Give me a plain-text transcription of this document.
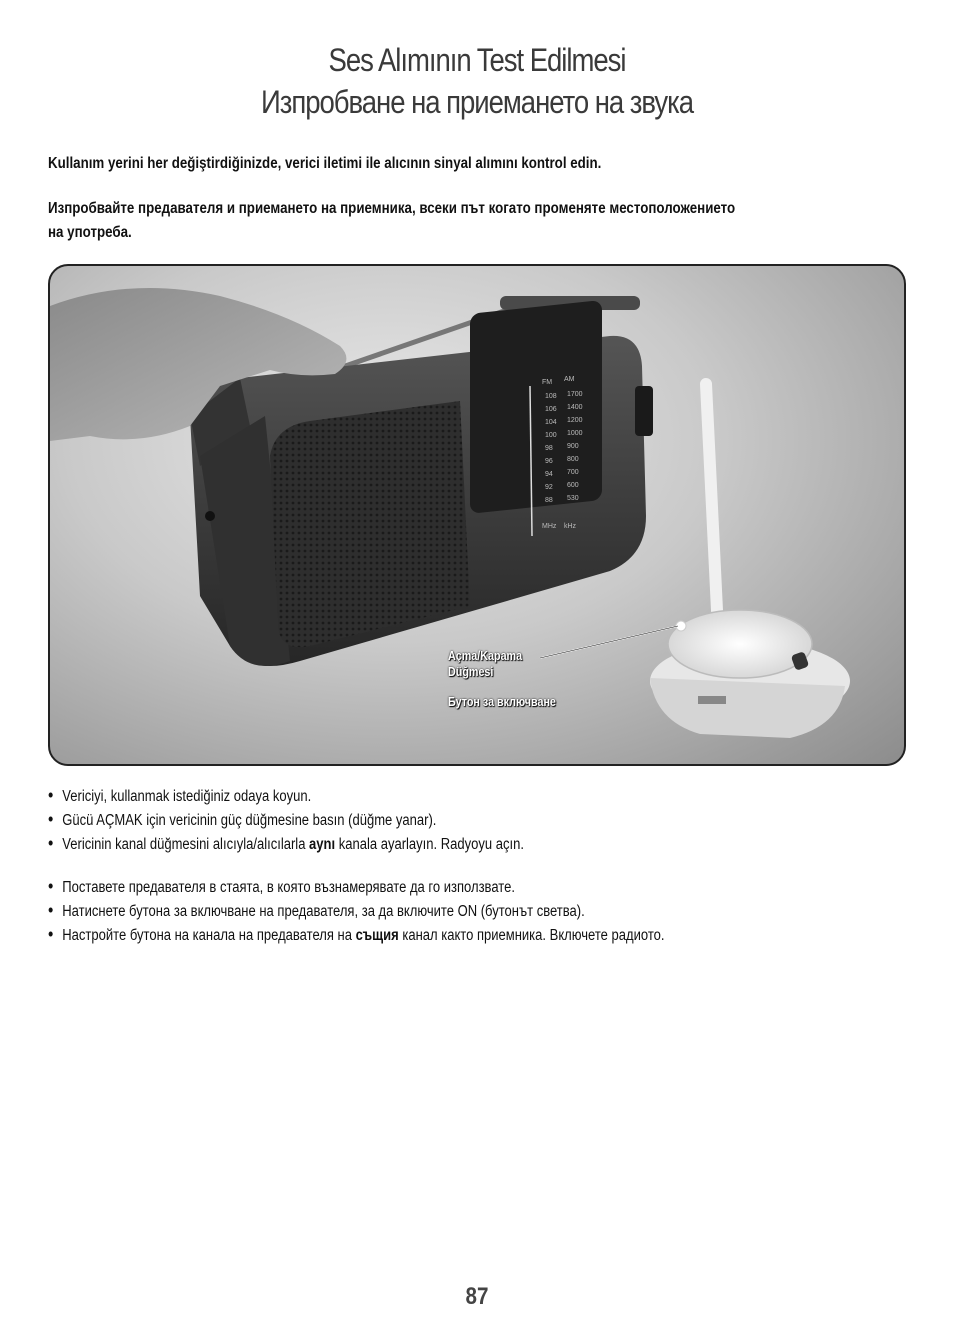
Ses Alımının Test Edilmesi
Изпробване на приемането на звука
Kullanım yerini her değiştirdiğinizde, verici iletimi ile alıcının sinyal alımını kontrol edin.
Изпробвайте предавателя и приемането на приемника, всеки път когато променяте местоположението
на употреба.
FM AM
108
106
104
100
98
96
94
92
88
1700
1400
1200
1000
900
800
700
600
530
MHz kHz
Açma/Kapama
Düğmesi
Бутон за включване
• Vericiyi, kullanmak istediğiniz odaya koyun.
• Gücü AÇMAK için vericinin güç düğmesine basın (düğme yanar).
• Vericinin kanal düğmesini alıcıyla/alıcılarla aynı kanala ayarlayın. Radyoyu açın.
• Поставете предавателя в стаята, в която възнамерявате да го използвате.
• Натиснете бутона за включване на предавателя, за да включите ON (бутонът светва).
• Настройте бутона на канала на предавателя на същия канал както приемника. Включете радиото.
87
